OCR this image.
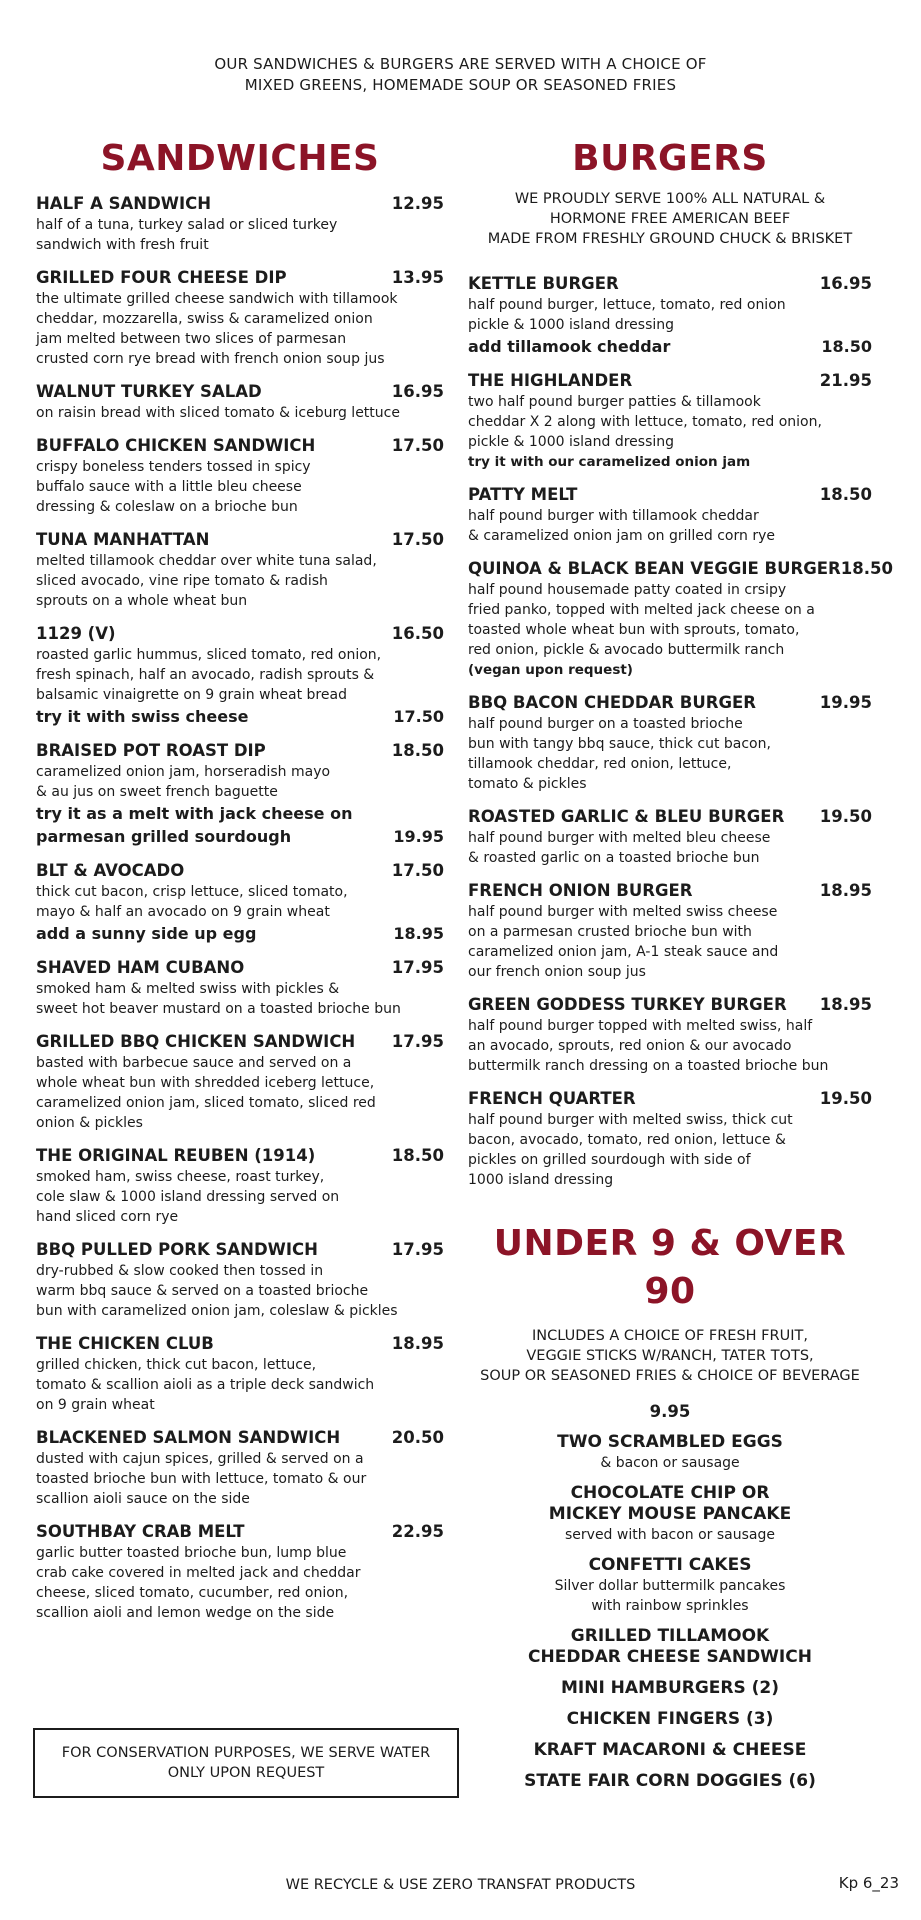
OUR SANDWICHES & BURGERS ARE SERVED WITH A CHOICE OF
MIXED GREENS, HOMEMADE SOUP OR SEASONED FRIES
SANDWICHES
HALF A SANDWICH	12.95
half of a tuna, turkey salad or sliced turkey
sandwich with fresh fruit
GRILLED FOUR CHEESE DIP	13.95
the ultimate grilled cheese sandwich with tillamook
cheddar, mozzarella, swiss & caramelized onion
jam melted between two slices of parmesan
crusted corn rye bread with french onion soup jus
WALNUT TURKEY SALAD	16.95
on raisin bread with sliced tomato & iceburg lettuce
BUFFALO CHICKEN SANDWICH	17.50
crispy boneless tenders tossed in spicy
buffalo sauce with a little bleu cheese
dressing & coleslaw on a brioche bun
TUNA MANHATTAN	17.50
melted tillamook cheddar over white tuna salad,
sliced avocado, vine ripe tomato & radish
sprouts on a whole wheat bun
1129 (V)	16.50
roasted garlic hummus, sliced tomato, red onion,
fresh spinach, half an avocado, radish sprouts &
balsamic vinaigrette on 9 grain wheat bread
try it with swiss cheese	17.50
BRAISED POT ROAST DIP	18.50
caramelized onion jam, horseradish mayo
& au jus on sweet french baguette
try it as a melt with jack cheese on
parmesan grilled sourdough	19.95
BLT & AVOCADO	17.50
thick cut bacon, crisp lettuce, sliced tomato,
mayo & half an avocado on 9 grain wheat
add a sunny side up egg	18.95
SHAVED HAM CUBANO	17.95
smoked ham & melted swiss with pickles &
sweet hot beaver mustard on a toasted brioche bun
GRILLED BBQ CHICKEN SANDWICH 17.95
basted with barbecue sauce and served on a
whole wheat bun with shredded iceberg lettuce,
caramelized onion jam, sliced tomato, sliced red
onion & pickles
THE ORIGINAL REUBEN (1914)	18.50
smoked ham, swiss cheese, roast turkey,
cole slaw & 1000 island dressing served on
hand sliced corn rye
BBQ PULLED PORK SANDWICH	17.95
dry-rubbed & slow cooked then tossed in
warm bbq sauce & served on a toasted brioche
bun with caramelized onion jam, coleslaw & pickles
THE CHICKEN CLUB	18.95
grilled chicken, thick cut bacon, lettuce,
tomato & scallion aioli as a triple deck sandwich
on 9 grain wheat
BLACKENED SALMON SANDWICH	20.50
dusted with cajun spices, grilled & served on a
toasted brioche bun with lettuce, tomato & our
scallion aioli sauce on the side
SOUTHBAY CRAB MELT	22.95
garlic butter toasted brioche bun, lump blue
crab cake covered in melted jack and cheddar
cheese, sliced tomato, cucumber, red onion,
scallion aioli and lemon wedge on the side
BURGERS
WE PROUDLY SERVE 100% ALL NATURAL &
HORMONE FREE AMERICAN BEEF
MADE FROM FRESHLY GROUND CHUCK & BRISKET
KETTLE BURGER	16.95
half pound burger, lettuce, tomato, red onion
pickle & 1000 island dressing
add tillamook cheddar	18.50
THE HIGHLANDER	21.95
two half pound burger patties & tillamook
cheddar X 2 along with lettuce, tomato, red onion,
pickle & 1000 island dressing
try it with our caramelized onion jam
PATTY MELT	18.50
half pound burger with tillamook cheddar
& caramelized onion jam on grilled corn rye
QUINOA & BLACK BEAN VEGGIE BURGER 18.50
half pound housemade patty coated in crsipy
fried panko, topped with melted jack cheese on a
toasted whole wheat bun with sprouts, tomato,
red onion, pickle & avocado buttermilk ranch
(vegan upon request)
BBQ BACON CHEDDAR BURGER	19.95
half pound burger on a toasted brioche
bun with tangy bbq sauce, thick cut bacon,
tillamook cheddar, red onion, lettuce,
tomato & pickles
ROASTED GARLIC & BLEU BURGER 19.50
half pound burger with melted bleu cheese
& roasted garlic on a toasted brioche bun
FRENCH ONION BURGER	18.95
half pound burger with melted swiss cheese
on a parmesan crusted brioche bun with
caramelized onion jam, A-1 steak sauce and
our french onion soup jus
GREEN GODDESS TURKEY BURGER 18.95
half pound burger topped with melted swiss, half
an avocado, sprouts, red onion & our avocado
buttermilk ranch dressing on a toasted brioche bun
FRENCH QUARTER	19.50
half pound burger with melted swiss, thick cut
bacon, avocado, tomato, red onion, lettuce &
pickles on grilled sourdough with side of
1000 island dressing
UNDER 9 & OVER 90
INCLUDES A CHOICE OF FRESH FRUIT,
VEGGIE STICKS W/RANCH, TATER TOTS,
SOUP OR SEASONED FRIES & CHOICE OF BEVERAGE
9.95
TWO SCRAMBLED EGGS
& bacon or sausage
CHOCOLATE CHIP OR
MICKEY MOUSE PANCAKE
served with bacon or sausage
CONFETTI CAKES
Silver dollar buttermilk pancakes
with rainbow sprinkles
GRILLED TILLAMOOK
CHEDDAR CHEESE SANDWICH
MINI HAMBURGERS (2)
CHICKEN FINGERS (3)
KRAFT MACARONI & CHEESE
STATE FAIR CORN DOGGIES (6)
FOR CONSERVATION PURPOSES, WE SERVE WATER
ONLY UPON REQUEST
WE RECYCLE & USE ZERO TRANSFAT PRODUCTS	Kp 6_23
